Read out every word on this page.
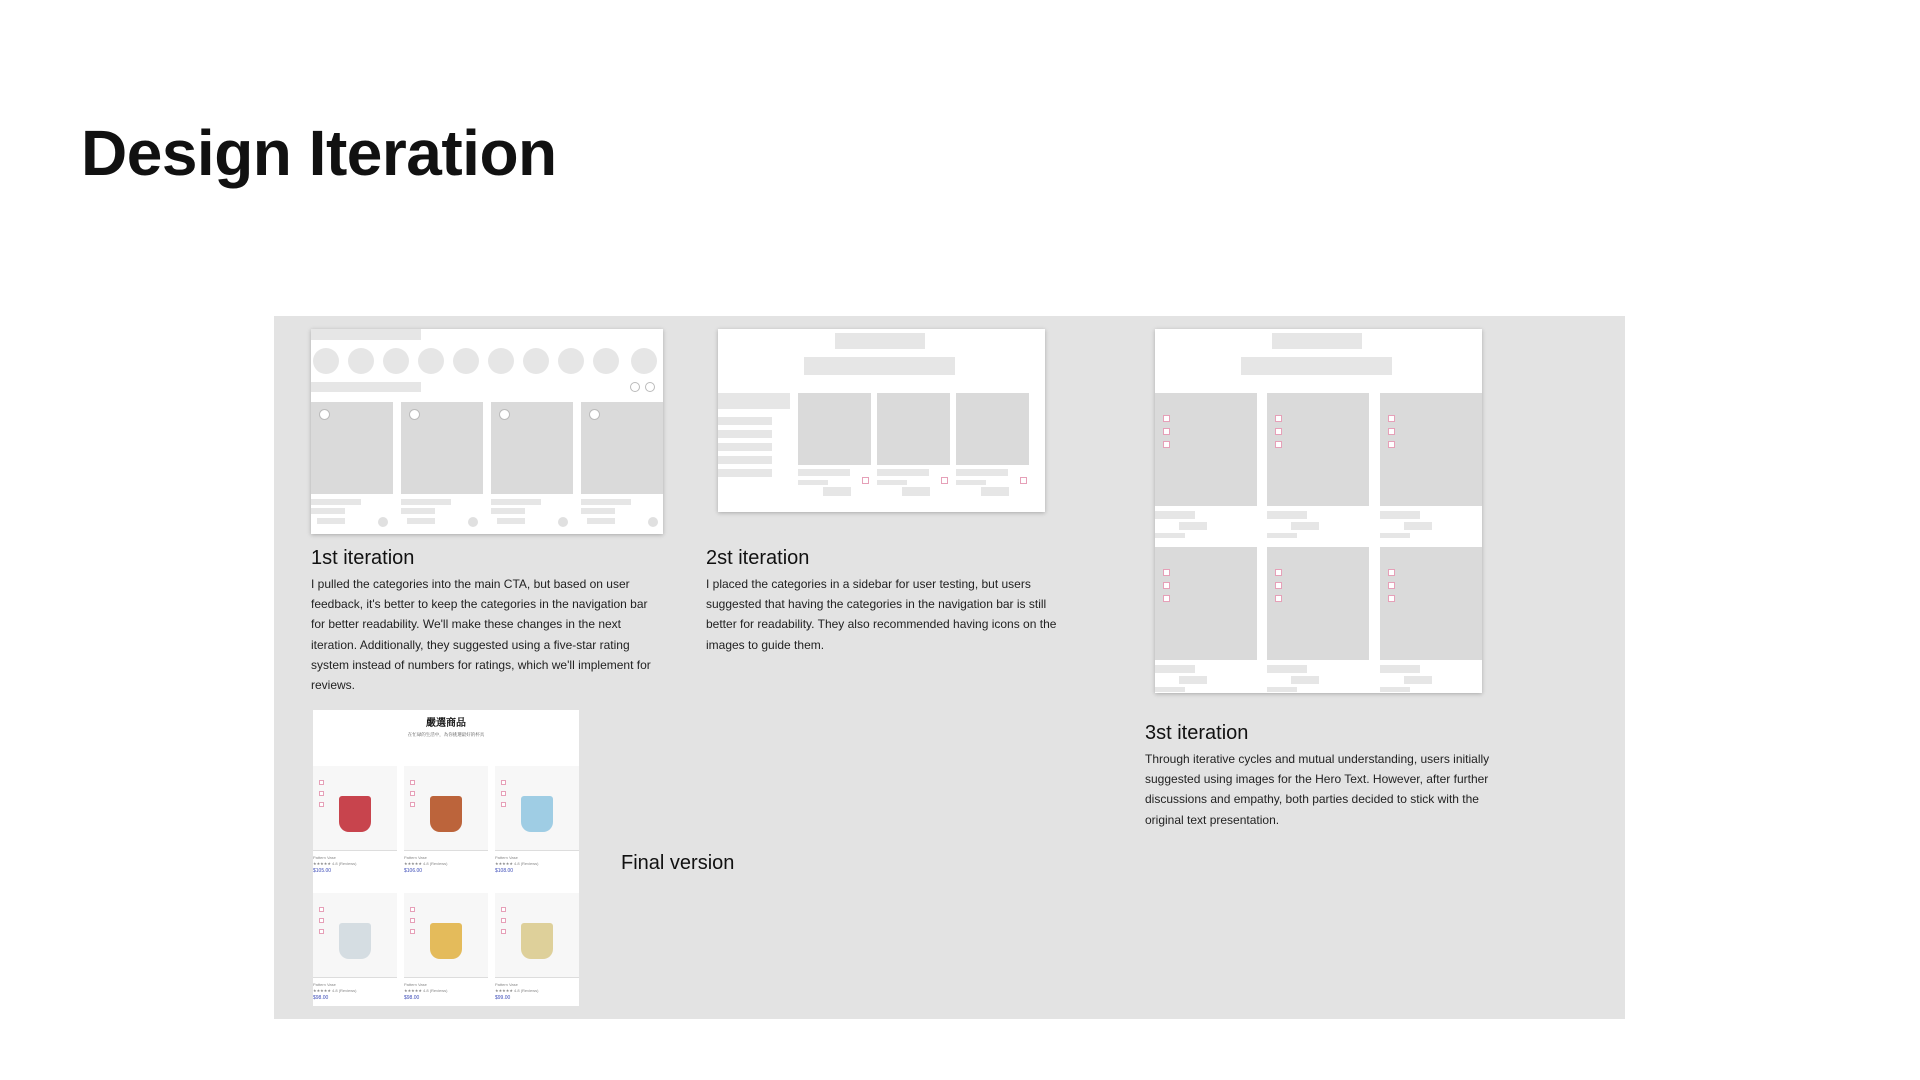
Design Iteration

1st iteration

I pulled the categories into the main CTA, but based on user feedback, it's better to keep the categories in the navigation bar for better readability. We'll make these changes in the next iteration. Additionally, they suggested using a five-star rating system instead of numbers for ratings, which we'll implement for reviews.

2st iteration

I placed the categories in a sidebar for user testing, but users suggested that having the categories in the navigation bar is still better for readability. They also recommended having icons on the images to guide them.

3st iteration

Through iterative cycles and mutual understanding, users initially suggested using images for the Hero Text. However, after further discussions and empathy, both parties decided to stick with the original text presentation.

嚴選商品
在忙碌的生活中，為你挑選最好的杯具
Pattern Vase
★★★★★ 4.8 (Reviews)
$105.00
Pattern Vase
★★★★★ 4.8 (Reviews)
$106.00
Pattern Vase
★★★★★ 4.8 (Reviews)
$108.00
Pattern Vase
★★★★★ 4.8 (Reviews)
$98.00
Pattern Vase
★★★★★ 4.8 (Reviews)
$98.00
Pattern Vase
★★★★★ 4.8 (Reviews)
$99.00
Final version
